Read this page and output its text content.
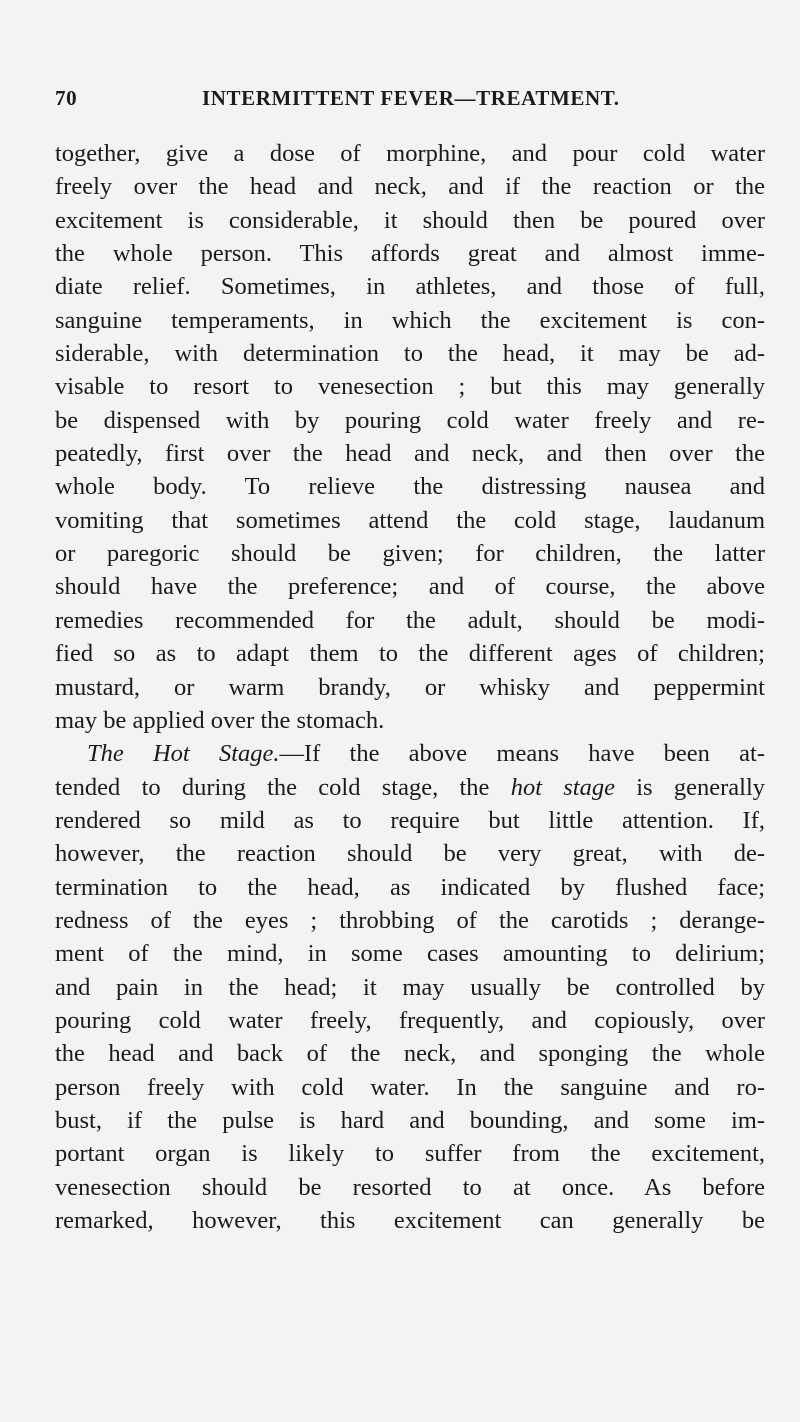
70	INTERMITTENT FEVER—TREATMENT.
together, give a dose of morphine, and pour cold water
freely over the head and neck, and if the reaction or the
excitement is considerable, it should then be poured over
the whole person. This affords great and almost imme-
diate relief. Sometimes, in athletes, and those of full,
sanguine temperaments, in which the excitement is con-
siderable, with determination to the head, it may be ad-
visable to resort to venesection ; but this may generally
be dispensed with by pouring cold water freely and re-
peatedly, first over the head and neck, and then over the
whole body. To relieve the distressing nausea and
vomiting that sometimes attend the cold stage, laudanum
or paregoric should be given; for children, the latter
should have the preference; and of course, the above
remedies recommended for the adult, should be modi-
fied so as to adapt them to the different ages of children;
mustard, or warm brandy, or whisky and peppermint
may be applied over the stomach.
The Hot Stage.—If the above means have been at-
tended to during the cold stage, the hot stage is generally
rendered so mild as to require but little attention. If,
however, the reaction should be very great, with de-
termination to the head, as indicated by flushed face;
redness of the eyes ; throbbing of the carotids ; derange-
ment of the mind, in some cases amounting to delirium;
and pain in the head; it may usually be controlled by
pouring cold water freely, frequently, and copiously, over
the head and back of the neck, and sponging the whole
person freely with cold water. In the sanguine and ro-
bust, if the pulse is hard and bounding, and some im-
portant organ is likely to suffer from the excitement,
venesection should be resorted to at once. As before
remarked, however, this excitement can generally be
